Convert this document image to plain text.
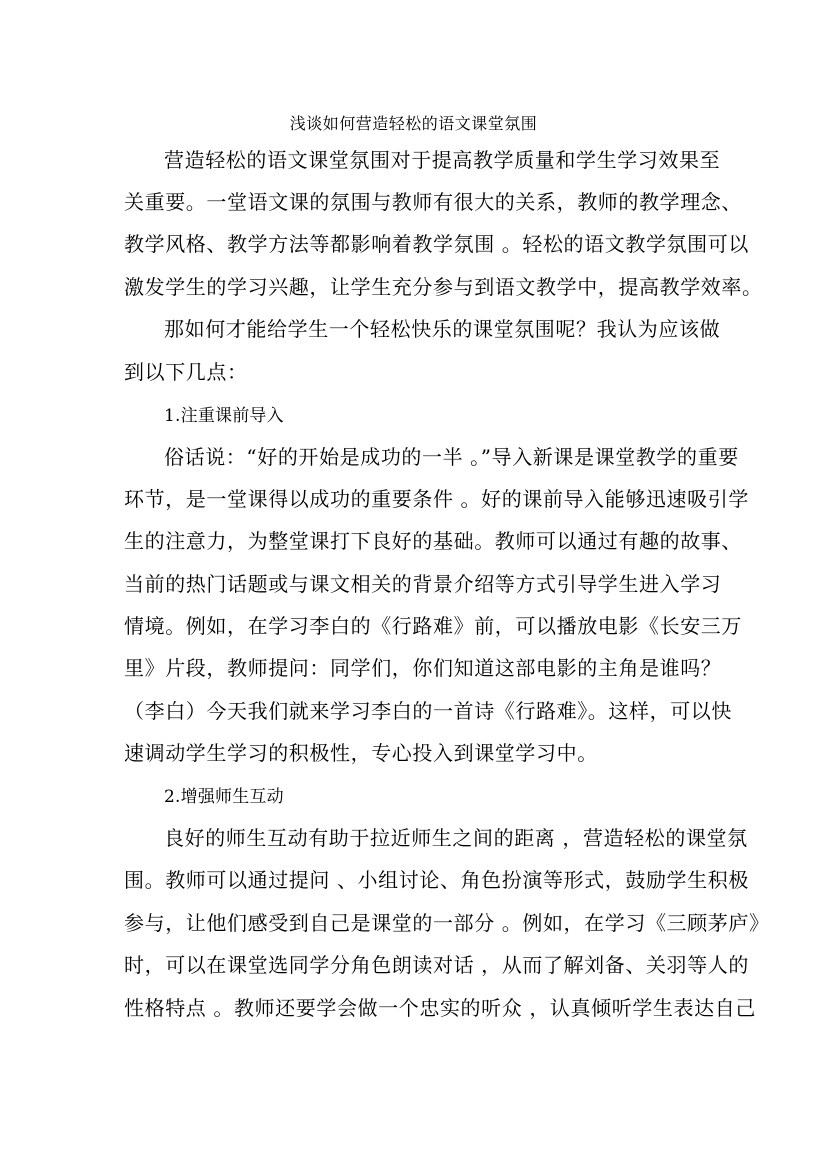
浅谈如何营造轻松的语文课堂氛围
营造轻松的语文课堂氛围对于提高教学质量和学生学习效果至
关重要。一堂语文课的氛围与教师有很大的关系，教师的教学理念、
教学风格、教学方法等都影响着教学氛围 。轻松的语文教学氛围可以
激发学生的学习兴趣，让学生充分参与到语文教学中，提高教学效率。
那如何才能给学生一个轻松快乐的课堂氛围呢？我认为应该做
到以下几点：
1.注重课前导入
俗话说：“好的开始是成功的一半 。”导入新课是课堂教学的重要
环节，是一堂课得以成功的重要条件 。好的课前导入能够迅速吸引学
生的注意力，为整堂课打下良好的基础。教师可以通过有趣的故事、
当前的热门话题或与课文相关的背景介绍等方式引导学生进入学习
情境。例如，在学习李白的《行路难》前，可以播放电影《长安三万
里》片段，教师提问：同学们，你们知道这部电影的主角是谁吗？
（李白）今天我们就来学习李白的一首诗《行路难》。这样，可以快
速调动学生学习的积极性，专心投入到课堂学习中。
2.增强师生互动
良好的师生互动有助于拉近师生之间的距离 ，营造轻松的课堂氛
围。教师可以通过提问 、小组讨论、角色扮演等形式，鼓励学生积极
参与，让他们感受到自己是课堂的一部分 。例如，在学习《三顾茅庐》
时，可以在课堂选同学分角色朗读对话 ，从而了解刘备、关羽等人的
性格特点 。教师还要学会做一个忠实的听众 ，认真倾听学生表达自己
